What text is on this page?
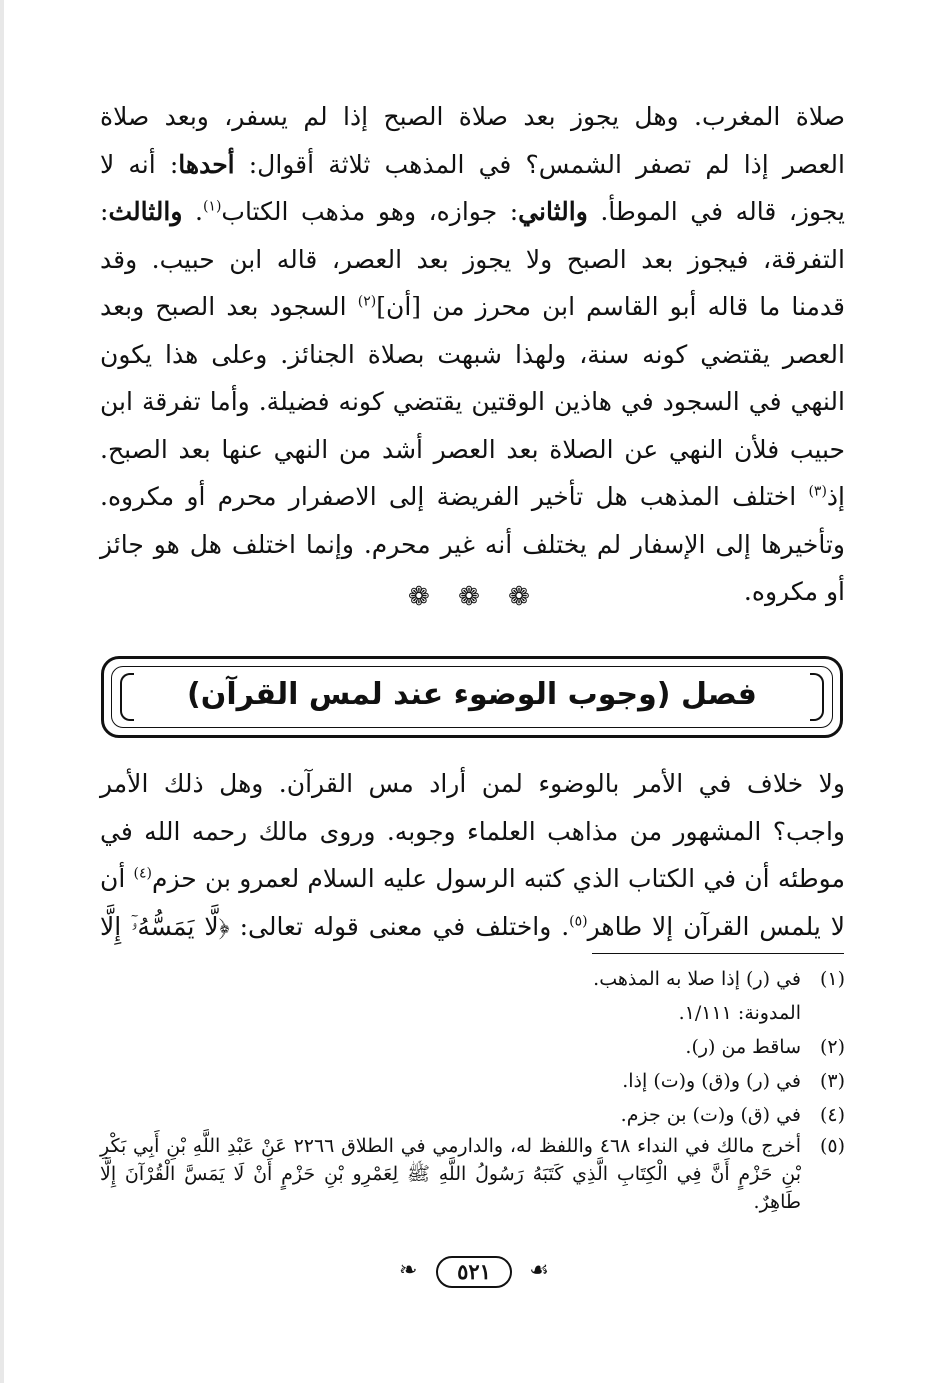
صلاة المغرب. وهل يجوز بعد صلاة الصبح إذا لم يسفر، وبعد صلاة
العصر إذا لم تصفر الشمس؟ في المذهب ثلاثة أقوال: أحدها: أنه لا
يجوز، قاله في الموطأ. والثاني: جوازه، وهو مذهب الكتاب$^{(١)}$. والثالث:
التفرقة، فيجوز بعد الصبح ولا يجوز بعد العصر، قاله ابن حبيب. وقد
قدمنا ما قاله أبو القاسم ابن محرز من [أن]$^{(٢)}$ السجود بعد الصبح وبعد
العصر يقتضي كونه سنة، ولهذا شبهت بصلاة الجنائز. وعلى هذا يكون
النهي في السجود في هاذين الوقتين يقتضي كونه فضيلة. وأما تفرقة ابن
حبيب فلأن النهي عن الصلاة بعد العصر أشد من النهي عنها بعد الصبح.
إذ$^{(٣)}$ اختلف المذهب هل تأخير الفريضة إلى الاصفرار محرم أو مكروه.
وتأخيرها إلى الإسفار لم يختلف أنه غير محرم. وإنما اختلف هل هو جائز
أو مكروه.
❁ ❁ ❁
فصل (وجوب الوضوء عند لمس القرآن)
ولا خلاف في الأمر بالوضوء لمن أراد مس القرآن. وهل ذلك الأمر
واجب؟ المشهور من مذاهب العلماء وجوبه. وروى مالك رحمه الله في
موطئه أن في الكتاب الذي كتبه الرسول عليه السلام لعمرو بن حزم$^{(٤)}$ أن
لا يلمس القرآن إلا طاهر$^{(٥)}$. واختلف في معنى قوله تعالى: ﴿لَّا يَمَسُّهُۥٓ إِلَّا
(١)
في (ر) إذا صلا به المذهب.
المدونة: ١/١١١.
(٢)
ساقط من (ر).
(٣)
في (ر) و(ق) و(ت) إذا.
(٤)
في (ق) و(ت) بن جزم.
(٥)
أخرج مالك في النداء ٤٦٨ واللفظ له، والدارمي في الطلاق ٢٢٦٦ عَنْ عَبْدِ اللَّهِ بْنِ أَبِي بَكْرِ بْنِ حَزْمٍ أَنَّ فِي الْكِتَابِ الَّذِي كَتَبَهُ رَسُولُ اللَّهِ ﷺ لِعَمْرِو بْنِ حَزْمٍ أَنْ لَا يَمَسَّ الْقُرْآنَ إِلَّا طَاهِرٌ.
❧	٥٢١	☙
